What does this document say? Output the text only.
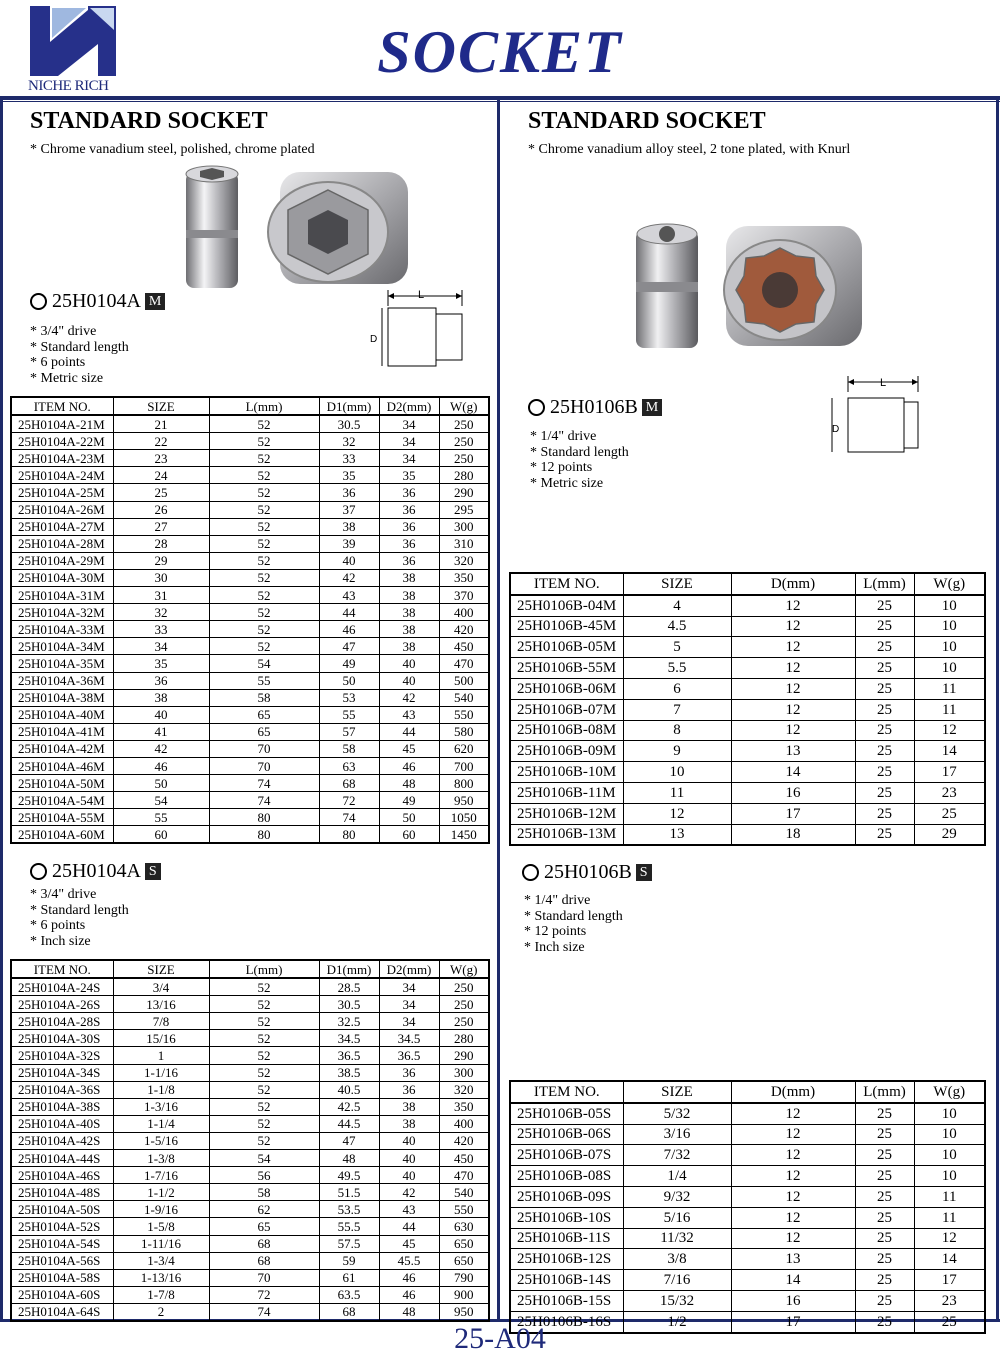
NICHE RICH
SOCKET
STANDARD SOCKET
* Chrome vanadium steel, polished, chrome plated
25H0104A M	L
D
* 3/4" drive
* Standard length
* 6 points
* Metric size
ITEM NO.	SIZE	L(mm)	D1(mm)	D2(mm)	W(g)
25H0104A-21M	21	52	30.5	34	250
25H0104A-22M	22	52	32	34	250
25H0104A-23M	23	52	33	34	250
25H0104A-24M	24	52	35	35	280
25H0104A-25M	25	52	36	36	290
25H0104A-26M	26	52	37	36	295
25H0104A-27M	27	52	38	36	300
25H0104A-28M	28	52	39	36	310
25H0104A-29M	29	52	40	36	320
25H0104A-30M	30	52	42	38	350
25H0104A-31M	31	52	43	38	370
25H0104A-32M	32	52	44	38	400
25H0104A-33M	33	52	46	38	420
25H0104A-34M	34	52	47	38	450
25H0104A-35M	35	54	49	40	470
25H0104A-36M	36	55	50	40	500
25H0104A-38M	38	58	53	42	540
25H0104A-40M	40	65	55	43	550
25H0104A-41M	41	65	57	44	580
25H0104A-42M	42	70	58	45	620
25H0104A-46M	46	70	63	46	700
25H0104A-50M	50	74	68	48	800
25H0104A-54M	54	74	72	49	950
25H0104A-55M	55	80	74	50	1050
25H0104A-60M	60	80	80	60	1450
25H0104A S
* 3/4" drive
* Standard length
* 6 points
* Inch size
ITEM NO.	SIZE	L(mm)	D1(mm)	D2(mm)	W(g)
25H0104A-24S	3/4	52	28.5	34	250
25H0104A-26S	13/16	52	30.5	34	250
25H0104A-28S	7/8	52	32.5	34	250
25H0104A-30S	15/16	52	34.5	34.5	280
25H0104A-32S	1	52	36.5	36.5	290
25H0104A-34S	1-1/16	52	38.5	36	300
25H0104A-36S	1-1/8	52	40.5	36	320
25H0104A-38S	1-3/16	52	42.5	38	350
25H0104A-40S	1-1/4	52	44.5	38	400
25H0104A-42S	1-5/16	52	47	40	420
25H0104A-44S	1-3/8	54	48	40	450
25H0104A-46S	1-7/16	56	49.5	40	470
25H0104A-48S	1-1/2	58	51.5	42	540
25H0104A-50S	1-9/16	62	53.5	43	550
25H0104A-52S	1-5/8	65	55.5	44	630
25H0104A-54S	1-11/16	68	57.5	45	650
25H0104A-56S	1-3/4	68	59	45.5	650
25H0104A-58S	1-13/16	70	61	46	790
25H0104A-60S	1-7/8	72	63.5	46	900
25H0104A-64S	2	74	68	48	950
STANDARD SOCKET
* Chrome vanadium alloy steel, 2 tone plated, with Knurl
L
D
25H0106B M
* 1/4" drive
* Standard length
* 12 points
* Metric size
ITEM NO.	SIZE	D(mm)	L(mm)	W(g)
25H0106B-04M	4	12	25	10
25H0106B-45M	4.5	12	25	10
25H0106B-05M	5	12	25	10
25H0106B-55M	5.5	12	25	10
25H0106B-06M	6	12	25	11
25H0106B-07M	7	12	25	11
25H0106B-08M	8	12	25	12
25H0106B-09M	9	13	25	14
25H0106B-10M	10	14	25	17
25H0106B-11M	11	16	25	23
25H0106B-12M	12	17	25	25
25H0106B-13M	13	18	25	29
25H0106B S
* 1/4" drive
* Standard length
* 12 points
* Inch size
ITEM NO.	SIZE	D(mm)	L(mm)	W(g)
25H0106B-05S	5/32	12	25	10
25H0106B-06S	3/16	12	25	10
25H0106B-07S	7/32	12	25	10
25H0106B-08S	1/4	12	25	10
25H0106B-09S	9/32	12	25	11
25H0106B-10S	5/16	12	25	11
25H0106B-11S	11/32	12	25	12
25H0106B-12S	3/8	13	25	14
25H0106B-14S	7/16	14	25	17
25H0106B-15S	15/32	16	25	23
25H0106B-16S	1/2	17	25	25
25-A04
